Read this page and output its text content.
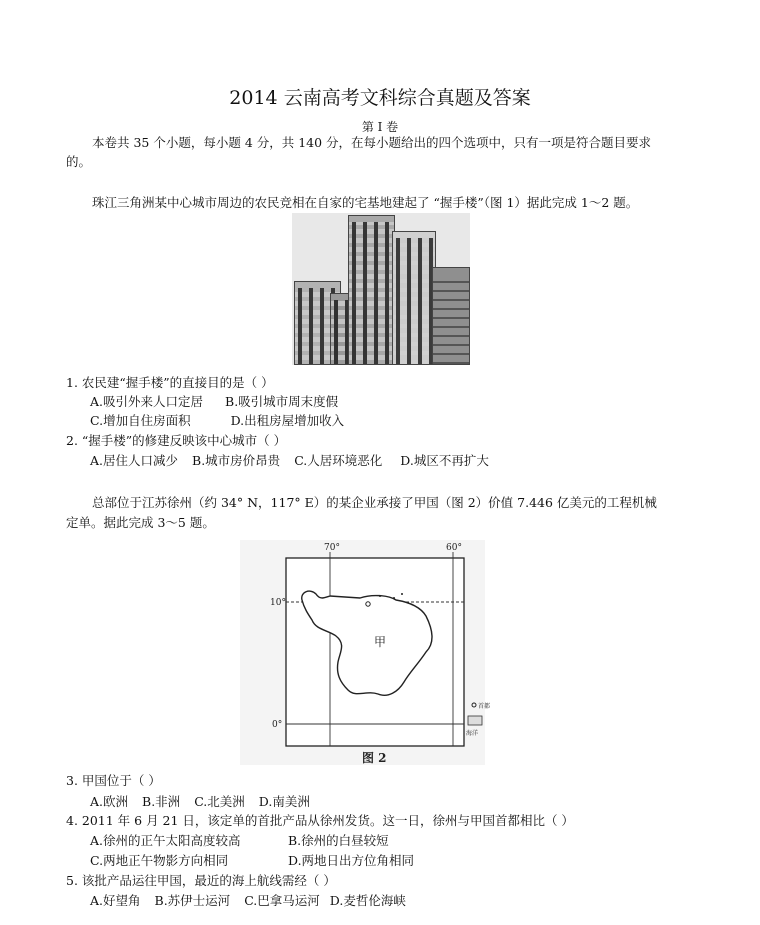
2014 云南高考文科综合真题及答案
第 I 卷
本卷共 35 个小题，每小题 4 分，共 140 分，在每小题给出的四个选项中，只有一项是符合题目要求
的。
珠江三角洲某中心城市周边的农民竞相在自家的宅基地建起了 “握手楼”（图 1）据此完成 1～2 题。
1. 农民建“握手楼”的直接目的是（ ）
A.吸引外来人口定居 B.吸引城市周末度假
C.增加自住房面积	D.出租房屋增加收入
2. “握手楼”的修建反映该中心城市（ ）
A.居住人口减少 B.城市房价昂贵 C.人居环境恶化 D.城区不再扩大
总部位于江苏徐州（约 34° N，117° E）的某企业承接了甲国（图 2）价值 7.446 亿美元的工程机械
定单。据此完成 3～5 题。
70°	60°
10°
0°
甲
首都
海洋
图 2
3. 甲国位于（ ）
A.欧洲 B.非洲 C.北美洲 D.南美洲
4. 2011 年 6 月 21 日，该定单的首批产品从徐州发货。这一日，徐州与甲国首都相比（ ）
A.徐州的正午太阳高度较高	B.徐州的白昼较短
C.两地正午物影方向相同	D.两地日出方位角相同
5. 该批产品运往甲国，最近的海上航线需经（ ）
A.好望角 B.苏伊士运河 C.巴拿马运河 D.麦哲伦海峡
